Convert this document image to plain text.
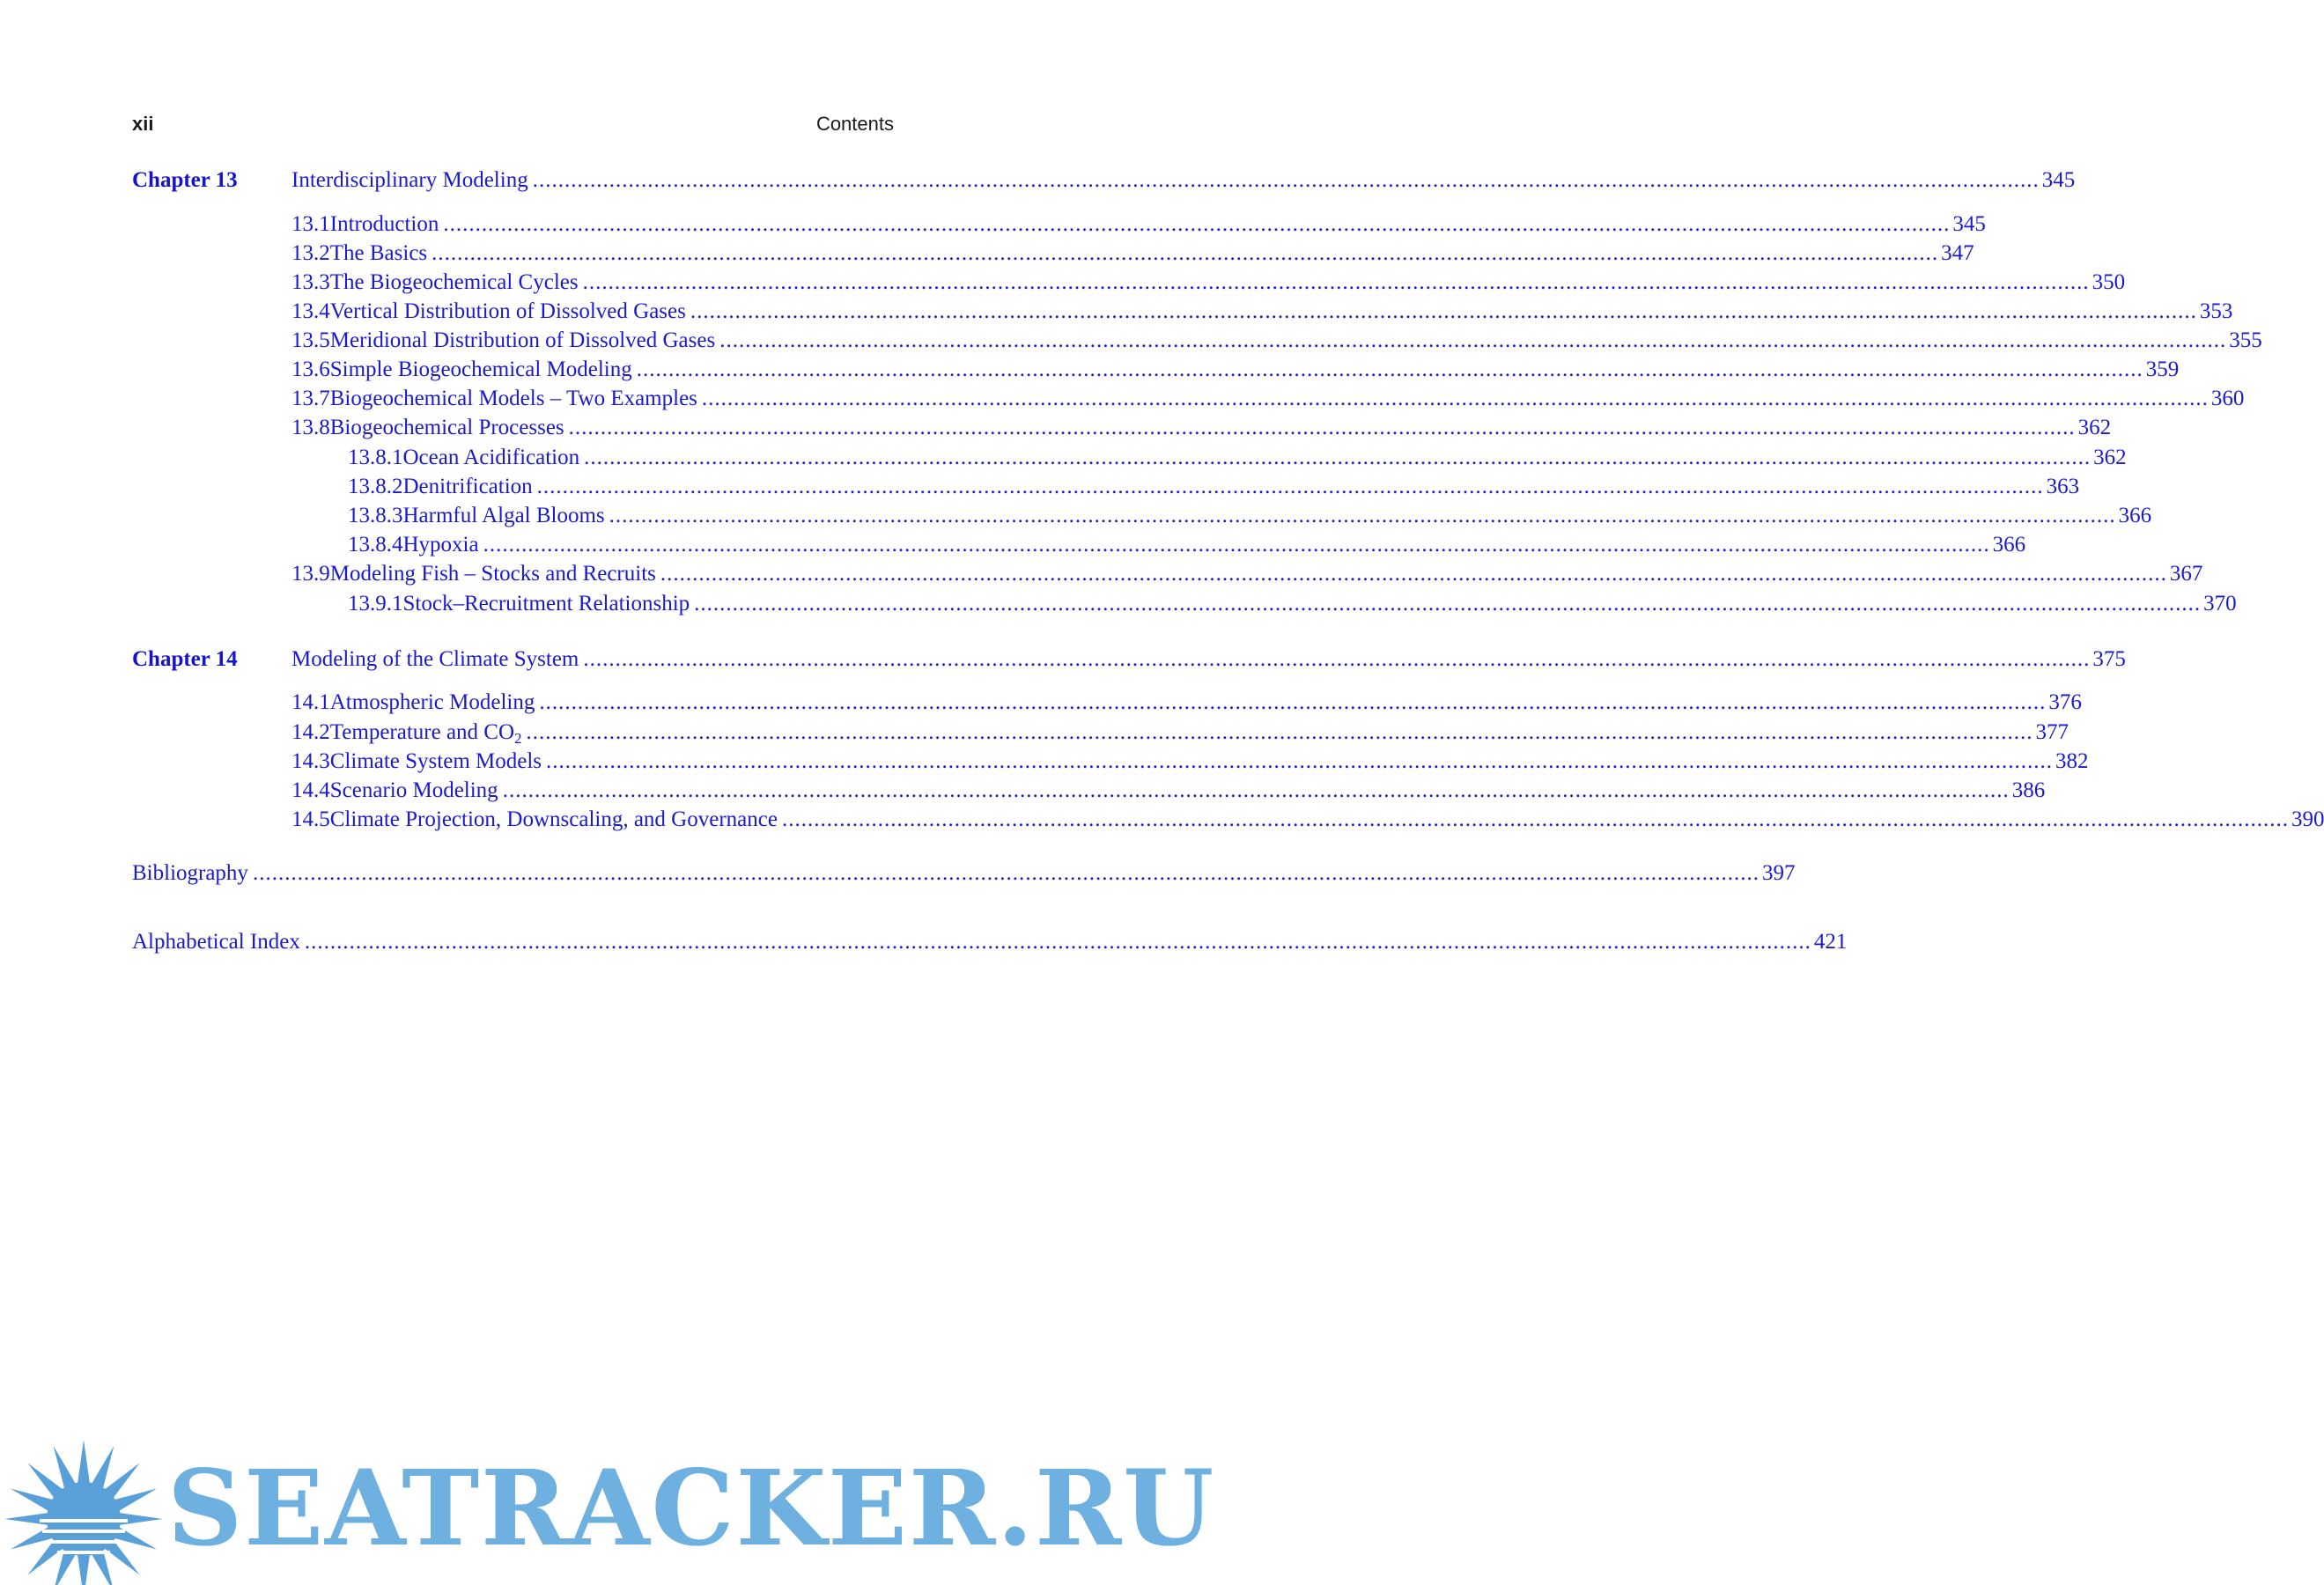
xii	Contents
Chapter 13 Interdisciplinary Modeling .....	345
13.1 Introduction .....	345
13.2 The Basics .....	347
13.3 The Biogeochemical Cycles .....	350
13.4 Vertical Distribution of Dissolved Gases .....	353
13.5 Meridional Distribution of Dissolved Gases .....	355
13.6 Simple Biogeochemical Modeling .....	359
13.7 Biogeochemical Models – Two Examples .....	360
13.8 Biogeochemical Processes .....	362
13.8.1 Ocean Acidification .....	362
13.8.2 Denitrification .....	363
13.8.3 Harmful Algal Blooms .....	366
13.8.4 Hypoxia .....	366
13.9 Modeling Fish – Stocks and Recruits .....	367
13.9.1 Stock–Recruitment Relationship .....	370
Chapter 14 Modeling of the Climate System .....	375
14.1 Atmospheric Modeling .....	376
14.2 Temperature and $CO_2$ .....	377
14.3 Climate System Models .....	382
14.4 Scenario Modeling .....	386
14.5 Climate Projection, Downscaling, and Governance .....	390
Bibliography .....	397
Alphabetical Index .....	421
SEATRACKER.RU
